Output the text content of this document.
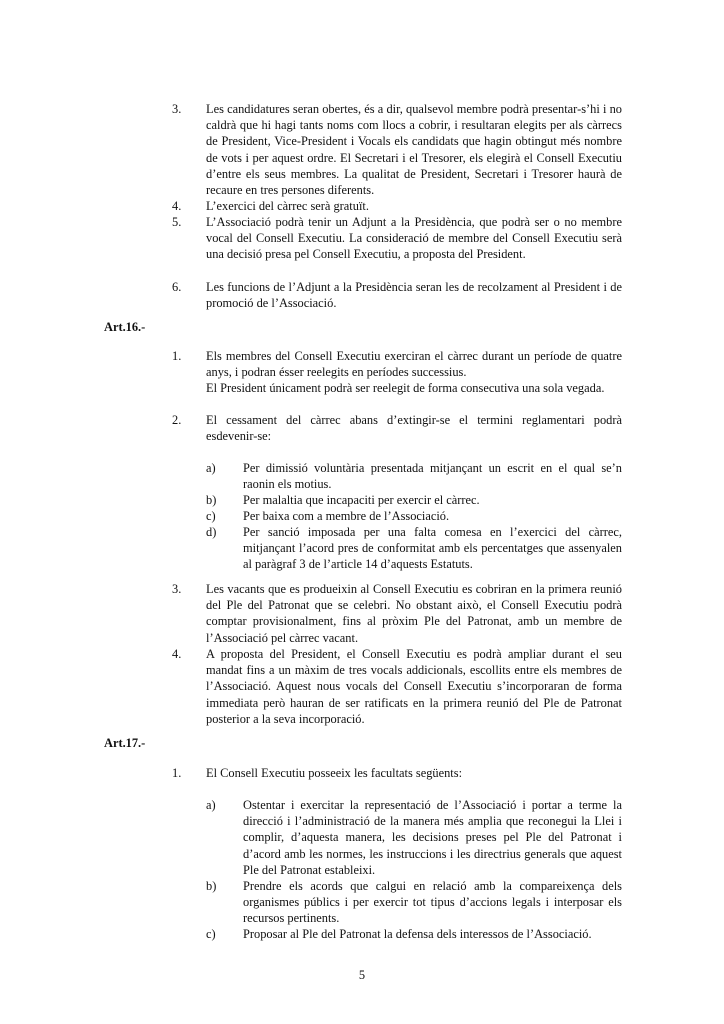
3.	Les candidatures seran obertes, és a dir, qualsevol membre podrà presentar-s’hi i no caldrà que hi hagi tants noms com llocs a cobrir, i resultaran elegits per als càrrecs de President, Vice-President i Vocals els candidats que hagin obtingut més nombre de vots i per aquest ordre. El Secretari i el Tresorer, els elegirà el Consell Executiu d’entre els seus membres. La qualitat de President, Secretari i Tresorer haurà de recaure en tres persones diferents.

4.	L’exercici del càrrec serà gratuït.

5.	L’Associació podrà tenir un Adjunt a la Presidència, que podrà ser o no membre vocal del Consell Executiu. La consideració de membre del Consell Executiu serà una decisió presa pel Consell Executiu, a proposta del President.

6.	Les funcions de l’Adjunt a la Presidència seran les de recolzament al President i de promoció de l’Associació.

Art.16.-
1.	Els membres del Consell Executiu exerciran el càrrec durant un període de quatre anys, i podran ésser reelegits en períodes successius.

El President únicament podrà ser reelegit de forma consecutiva una sola vegada.

2.	El cessament del càrrec abans d’extingir-se el termini reglamentari podrà esdevenir-se:

a)	Per dimissió voluntària presentada mitjançant un escrit en el qual se’n raonin els motius.

b)	Per malaltia que incapaciti per exercir el càrrec.

c)	Per baixa com a membre de l’Associació.

d)	Per sanció imposada per una falta comesa en l’exercici del càrrec, mitjançant l’acord pres de conformitat amb els percentatges que assenyalen al paràgraf 3 de l’article 14 d’aquests Estatuts.

3.	Les vacants que es produeixin al Consell Executiu es cobriran en la primera reunió del Ple del Patronat que se celebri. No obstant això, el Consell Executiu podrà comptar provisionalment, fins al pròxim Ple del Patronat, amb un membre de l’Associació pel càrrec vacant.

4.	A proposta del President, el Consell Executiu es podrà ampliar durant el seu mandat fins a un màxim de tres vocals addicionals, escollits entre els membres de l’Associació. Aquest nous vocals del Consell Executiu s’incorporaran de forma immediata però hauran de ser ratificats en la primera reunió del Ple de Patronat posterior a la seva incorporació.

Art.17.-
1.	El Consell Executiu posseeix les facultats següents:

a)	Ostentar i exercitar la representació de l’Associació i portar a terme la direcció i l’administració de la manera més amplia que reconegui la Llei i complir, d’aquesta manera, les decisions preses pel Ple del Patronat i d’acord amb les normes, les instruccions i les directrius generals que aquest Ple del Patronat estableixi.

b)	Prendre els acords que calgui en relació amb la compareixença dels organismes públics i per exercir tot tipus d’accions legals i interposar els recursos pertinents.

c)	Proposar al Ple del Patronat la defensa dels interessos de l’Associació.

5
